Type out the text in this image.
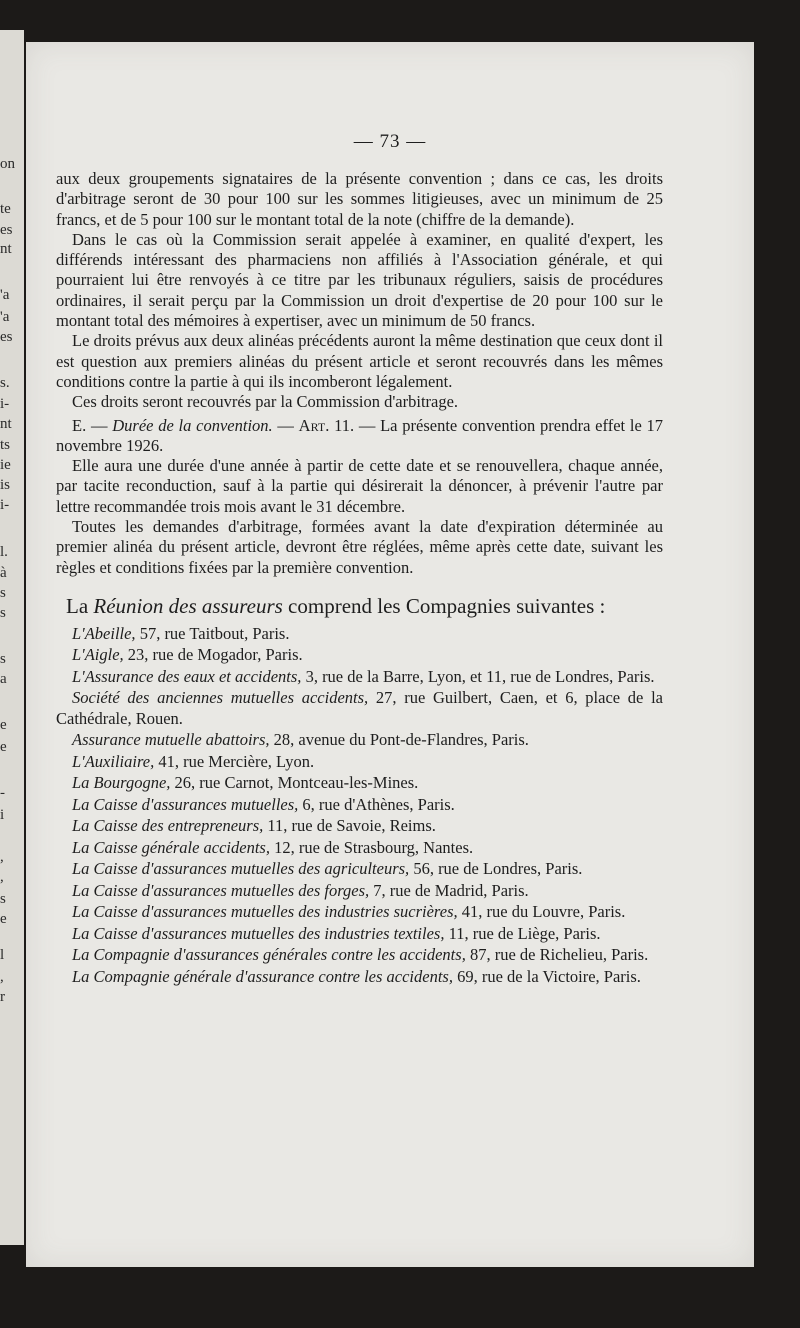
on
te
es
nt
'a
'a
es
s.
i-
nt
ts
ie
is
i-
l.
à
s
s
s
a
e
e
-
i
,
,
s
e
l
,
r
— 73 —

aux deux groupements signataires de la présente convention ; dans ce cas, les droits d'arbitrage seront de 30 pour 100 sur les sommes litigieuses, avec un minimum de 25 francs, et de 5 pour 100 sur le montant total de la note (chiffre de la demande).

Dans le cas où la Commission serait appelée à examiner, en qualité d'expert, les différends intéressant des pharmaciens non affiliés à l'Association générale, et qui pourraient lui être renvoyés à ce titre par les tribunaux réguliers, saisis de procédures ordinaires, il serait perçu par la Commission un droit d'expertise de 20 pour 100 sur le montant total des mémoires à expertiser, avec un minimum de 50 francs.

Le droits prévus aux deux alinéas précédents auront la même destination que ceux dont il est question aux premiers alinéas du présent article et seront recouvrés dans les mêmes conditions contre la partie à qui ils incomberont légalement.

Ces droits seront recouvrés par la Commission d'arbitrage.

E. — Durée de la convention. — Art. 11. — La présente convention prendra effet le 17 novembre 1926.

Elle aura une durée d'une année à partir de cette date et se renouvellera, chaque année, par tacite reconduction, sauf à la partie qui désirerait la dénoncer, à prévenir l'autre par lettre recommandée trois mois avant le 31 décembre.

Toutes les demandes d'arbitrage, formées avant la date d'expiration déterminée au premier alinéa du présent article, devront être réglées, même après cette date, suivant les règles et conditions fixées par la première convention.

La Réunion des assureurs comprend les Compagnies suivantes :

L'Abeille, 57, rue Taitbout, Paris.

L'Aigle, 23, rue de Mogador, Paris.

L'Assurance des eaux et accidents, 3, rue de la Barre, Lyon, et 11, rue de Londres, Paris.

Société des anciennes mutuelles accidents, 27, rue Guilbert, Caen, et 6, place de la Cathédrale, Rouen.

Assurance mutuelle abattoirs, 28, avenue du Pont-de-Flandres, Paris.

L'Auxiliaire, 41, rue Mercière, Lyon.

La Bourgogne, 26, rue Carnot, Montceau-les-Mines.

La Caisse d'assurances mutuelles, 6, rue d'Athènes, Paris.

La Caisse des entrepreneurs, 11, rue de Savoie, Reims.

La Caisse générale accidents, 12, rue de Strasbourg, Nantes.

La Caisse d'assurances mutuelles des agriculteurs, 56, rue de Londres, Paris.

La Caisse d'assurances mutuelles des forges, 7, rue de Madrid, Paris.

La Caisse d'assurances mutuelles des industries sucrières, 41, rue du Louvre, Paris.

La Caisse d'assurances mutuelles des industries textiles, 11, rue de Liège, Paris.

La Compagnie d'assurances générales contre les accidents, 87, rue de Richelieu, Paris.

La Compagnie générale d'assurance contre les accidents, 69, rue de la Victoire, Paris.
